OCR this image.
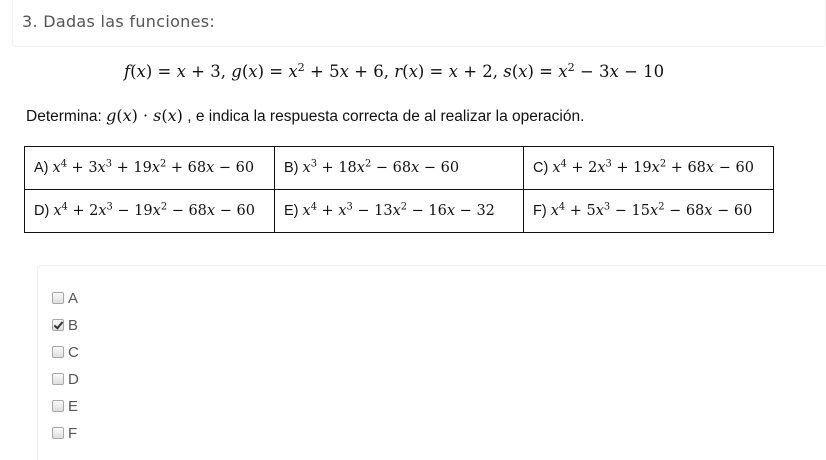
3. Dadas las funciones:
f(x) = x + 3, $g(x) = x^2 + 5x + 6$, r(x) = x + 2, $s(x) = x^2 - 3x - 10$
Determina: g(x) · s(x) , e indica la respuesta correcta de al realizar la operación.
A) $x^4 + 3x^3 + 19x^2 + 68x - 60$	B) $x^3 + 18x^2 - 68x - 60$	C) $x^4 + 2x^3 + 19x^2 + 68x - 60$
D) $x^4 + 2x^3 - 19x^2 - 68x - 60$	E) $x^4 + x^3 - 13x^2 - 16x - 32$	F) $x^4 + 5x^3 - 15x^2 - 68x - 60$
A
B
C
D
E
F
